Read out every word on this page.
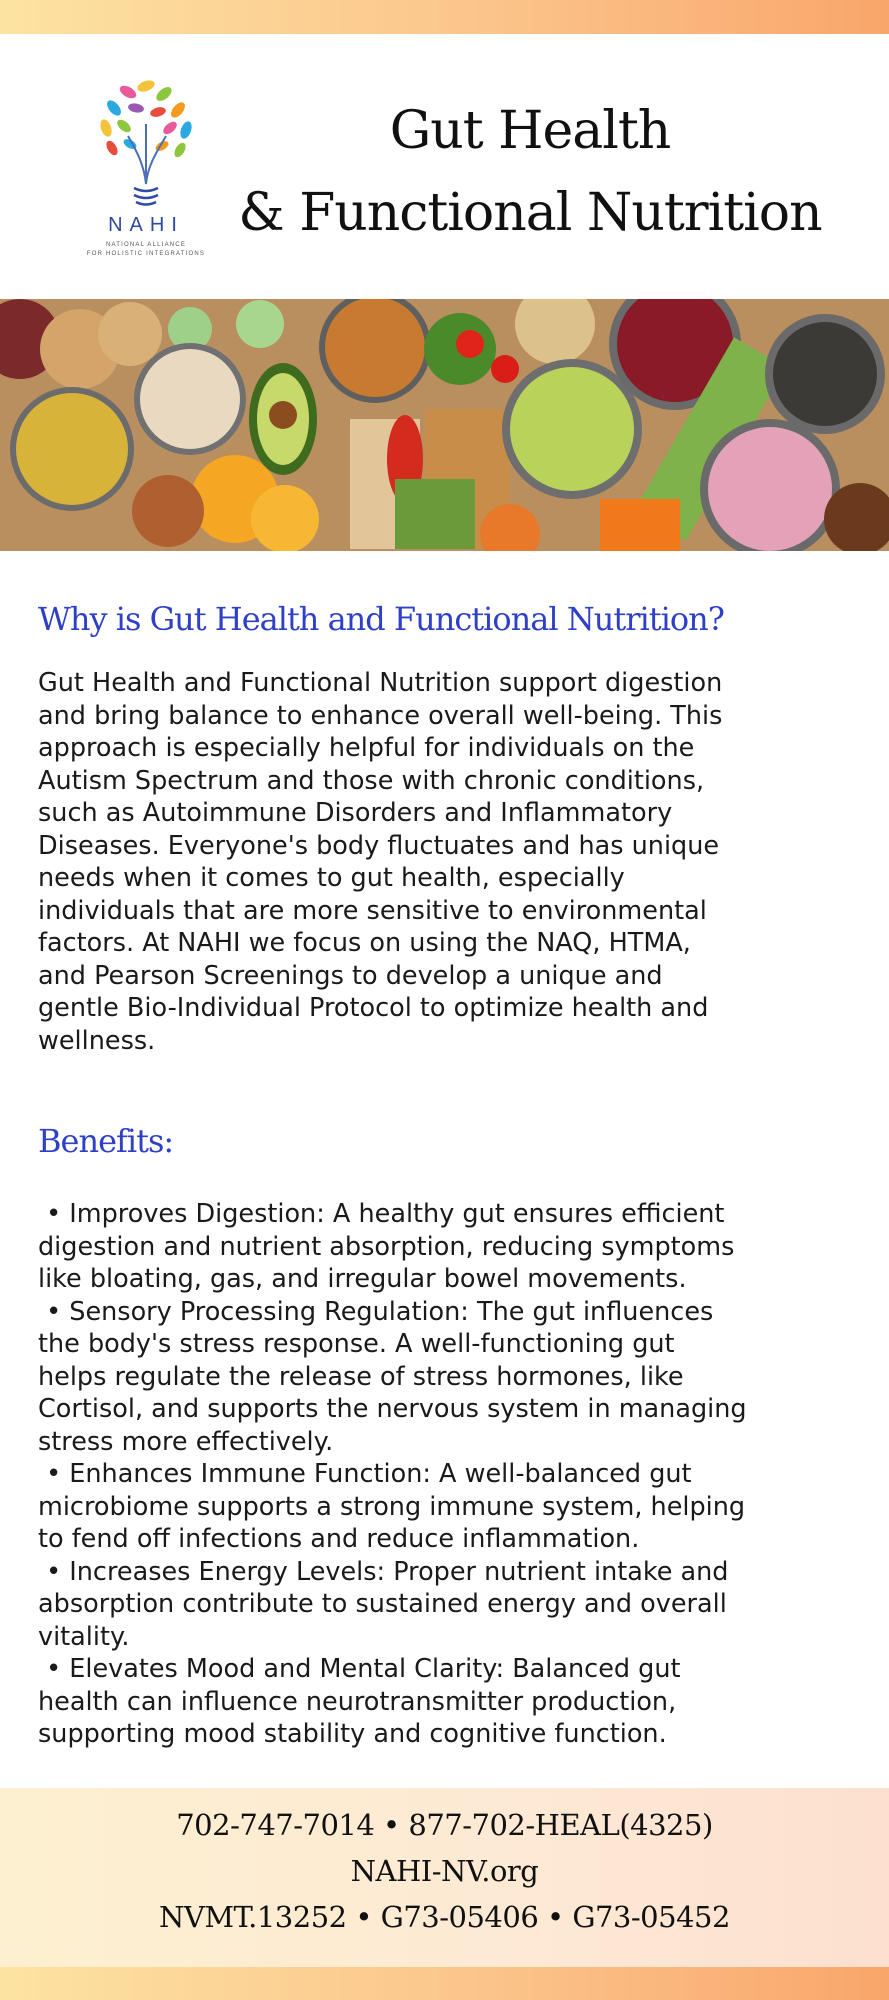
NAHI
NATIONAL ALLIANCE
FOR HOLISTIC INTEGRATIONS
Gut Health
& Functional Nutrition
Why is Gut Health and Functional Nutrition?
Gut Health and Functional Nutrition support digestion
and bring balance to enhance overall well-being. This
approach is especially helpful for individuals on the
Autism Spectrum and those with chronic conditions,
such as Autoimmune Disorders and Inflammatory
Diseases. Everyone's body fluctuates and has unique
needs when it comes to gut health, especially
individuals that are more sensitive to environmental
factors. At NAHI we focus on using the NAQ, HTMA,
and Pearson Screenings to develop a unique and
gentle Bio-Individual Protocol to optimize health and
wellness.
Benefits:
• Improves Digestion: A healthy gut ensures efficient
digestion and nutrient absorption, reducing symptoms
like bloating, gas, and irregular bowel movements.
• Sensory Processing Regulation: The gut influences
the body's stress response. A well-functioning gut
helps regulate the release of stress hormones, like
Cortisol, and supports the nervous system in managing
stress more effectively.
• Enhances Immune Function: A well-balanced gut
microbiome supports a strong immune system, helping
to fend off infections and reduce inflammation.
• Increases Energy Levels: Proper nutrient intake and
absorption contribute to sustained energy and overall
vitality.
• Elevates Mood and Mental Clarity: Balanced gut
health can influence neurotransmitter production,
supporting mood stability and cognitive function.
702-747-7014 • 877-702-HEAL(4325)
NAHI-NV.org
NVMT.13252 • G73-05406 • G73-05452
